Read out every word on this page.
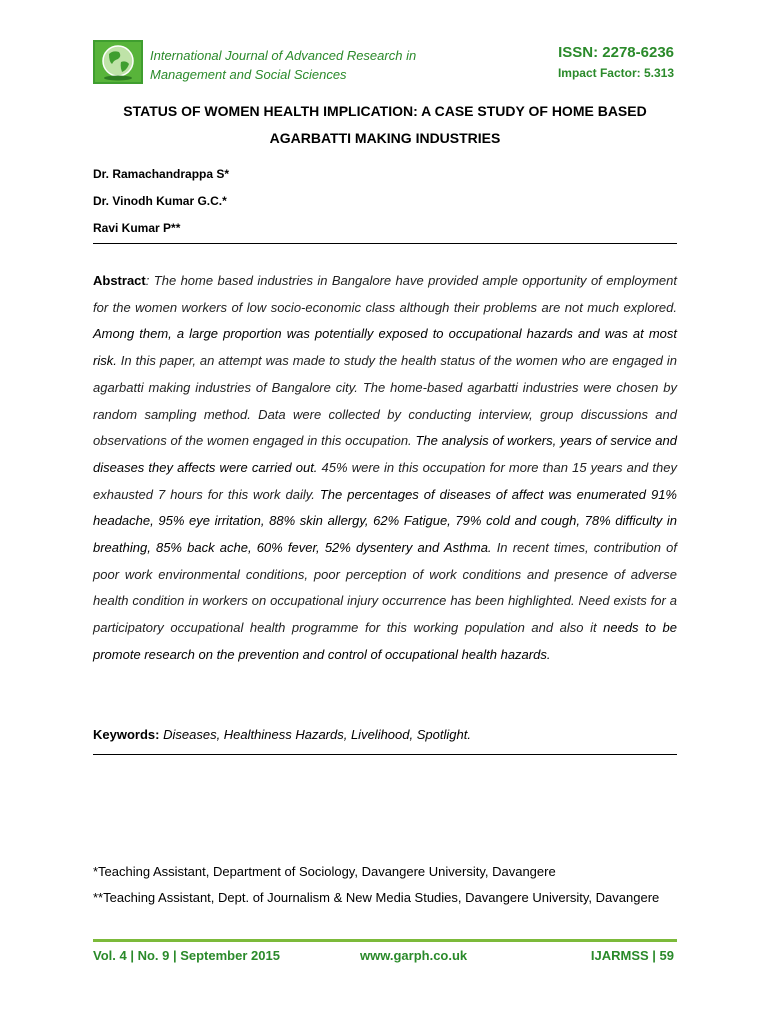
International Journal of Advanced Research in
Management and Social Sciences
ISSN: 2278-6236
Impact Factor: 5.313
STATUS OF WOMEN HEALTH IMPLICATION: A CASE STUDY OF HOME BASED
AGARBATTI MAKING INDUSTRIES
Dr. Ramachandrappa S*
Dr. Vinodh Kumar G.C.*
Ravi Kumar P**
Abstract: The home based industries in Bangalore have provided ample opportunity of employment for the women workers of low socio-economic class although their problems are not much explored. Among them, a large proportion was potentially exposed to occupational hazards and was at most risk. In this paper, an attempt was made to study the health status of the women who are engaged in agarbatti making industries of Bangalore city. The home-based agarbatti industries were chosen by random sampling method. Data were collected by conducting interview, group discussions and observations of the women engaged in this occupation. The analysis of workers, years of service and diseases they affects were carried out. 45% were in this occupation for more than 15 years and they exhausted 7 hours for this work daily. The percentages of diseases of affect was enumerated 91% headache, 95% eye irritation, 88% skin allergy, 62% Fatigue, 79% cold and cough, 78% difficulty in breathing, 85% back ache, 60% fever, 52% dysentery and Asthma. In recent times, contribution of poor work environmental conditions, poor perception of work conditions and presence of adverse health condition in workers on occupational injury occurrence has been highlighted. Need exists for a participatory occupational health programme for this working population and also it needs to be promote research on the prevention and control of occupational health hazards.
Keywords: Diseases, Healthiness Hazards, Livelihood, Spotlight.
*Teaching Assistant, Department of Sociology, Davangere University, Davangere
**Teaching Assistant, Dept. of Journalism & New Media Studies, Davangere University, Davangere
Vol. 4 | No. 9 | September 2015	www.garph.co.uk	IJARMSS | 59
